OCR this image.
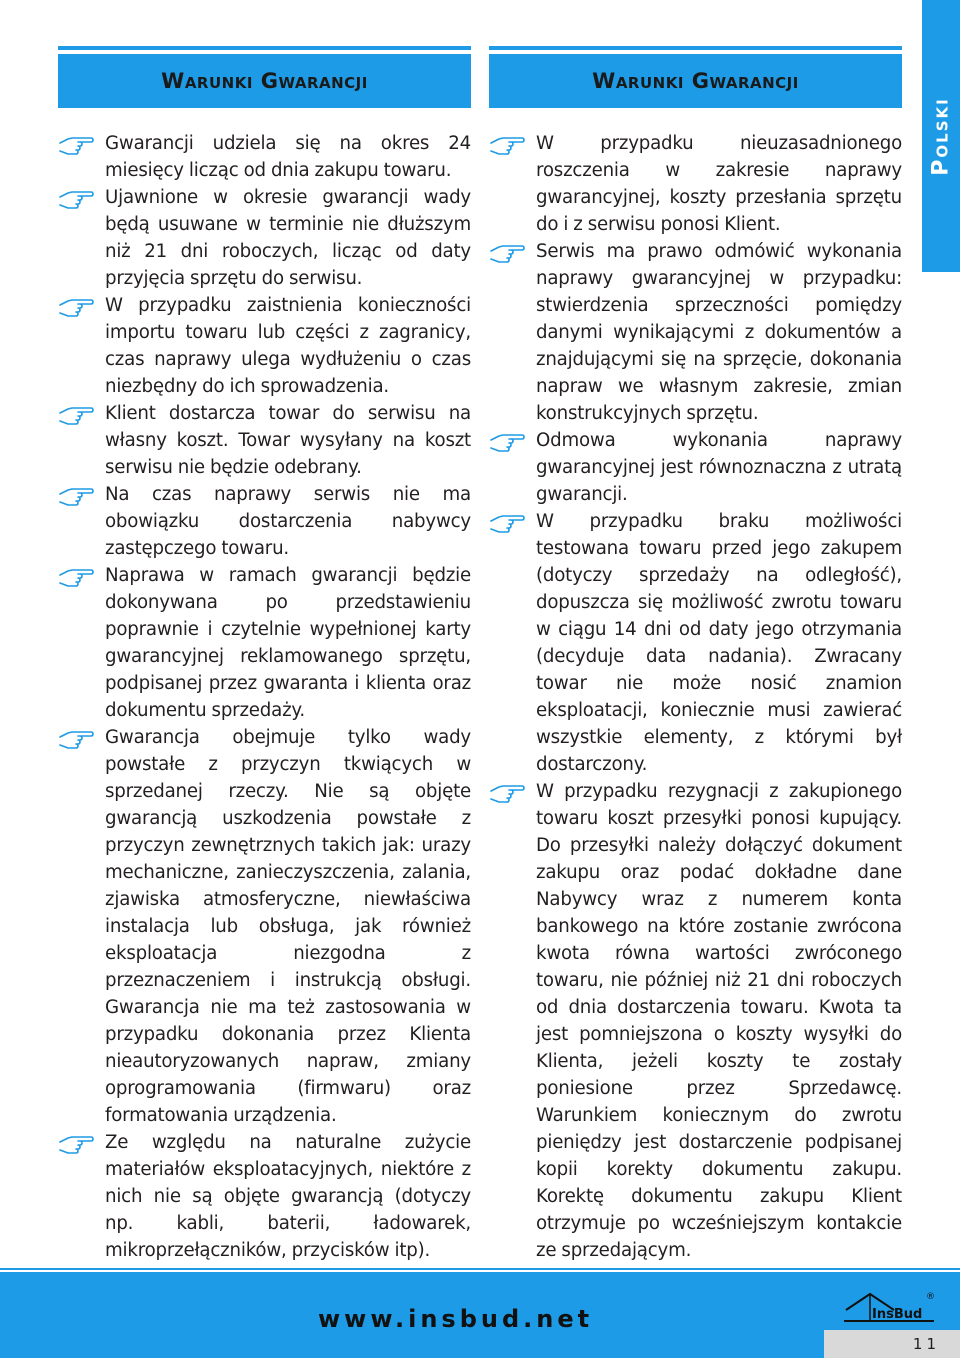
Warunki Gwarancji	Warunki Gwarancji
Polski

Gwarancji udziela się na okres 24 miesięcy licząc od dnia zakupu towaru.

Ujawnione w okresie gwarancji wady będą usuwane w terminie nie dłuższym niż 21 dni roboczych, licząc od daty przyjęcia sprzętu do serwisu.

W przypadku zaistnienia konieczności importu towaru lub części z zagranicy, czas naprawy ulega wydłużeniu o czas niezbędny do ich sprowadzenia.

Klient dostarcza towar do serwisu na własny koszt. Towar wysyłany na koszt serwisu nie będzie odebrany.

Na czas naprawy serwis nie ma obowiązku dostarczenia nabywcy zastępczego towaru.

Naprawa w ramach gwarancji będzie dokonywana po przedstawieniu poprawnie i czytelnie wypełnionej karty gwarancyjnej reklamowanego sprzętu, podpisanej przez gwaranta i klienta oraz dokumentu sprzedaży.

Gwarancja obejmuje tylko wady powstałe z przyczyn tkwiących w sprzedanej rzeczy. Nie są objęte gwarancją uszkodzenia powstałe z przyczyn zewnętrznych takich jak: urazy mechaniczne, zanieczyszczenia, zalania, zjawiska atmosferyczne, niewłaściwa instalacja lub obsługa, jak również eksploatacja niezgodna z przeznaczeniem i instrukcją obsługi. Gwarancja nie ma też zastosowania w przypadku dokonania przez Klienta nieautoryzowanych napraw, zmiany oprogramowania (firmwaru) oraz formatowania urządzenia.

Ze względu na naturalne zużycie materiałów eksploatacyjnych, niektóre z nich nie są objęte gwarancją (dotyczy np. kabli, baterii, ładowarek, mikroprzełączników, przycisków itp).

W przypadku nieuzasadnionego roszczenia w zakresie naprawy gwarancyjnej, koszty przesłania sprzętu do i z serwisu ponosi Klient.

Serwis ma prawo odmówić wykonania naprawy gwarancyjnej w przypadku: stwierdzenia sprzeczności pomiędzy danymi wynikającymi z dokumentów a znajdującymi się na sprzęcie, dokonania napraw we własnym zakresie, zmian konstrukcyjnych sprzętu.

Odmowa wykonania naprawy gwarancyjnej jest równoznaczna z utratą gwarancji.

W przypadku braku możliwości testowana towaru przed jego zakupem (dotyczy sprzedaży na odległość), dopuszcza się możliwość zwrotu towaru w ciągu 14 dni od daty jego otrzymania (decyduje data nadania). Zwracany towar nie może nosić znamion eksploatacji, koniecznie musi zawierać wszystkie elementy, z którymi był dostarczony.

W przypadku rezygnacji z zakupionego towaru koszt przesyłki ponosi kupujący. Do przesyłki należy dołączyć dokument zakupu oraz podać dokładne dane Nabywcy wraz z numerem konta bankowego na które zostanie zwrócona kwota równa wartości zwróconego towaru, nie później niż 21 dni roboczych od dnia dostarczenia towaru. Kwota ta jest pomniejszona o koszty wysyłki do Klienta, jeżeli koszty te zostały poniesione przez Sprzedawcę. Warunkiem koniecznym do zwrotu pieniędzy jest dostarczenie podpisanej kopii korekty dokumentu zakupu. Korektę dokumentu zakupu Klient otrzymuje po wcześniejszym kontakcie ze sprzedającym.

www.insbud.net	InsBud
®
11
